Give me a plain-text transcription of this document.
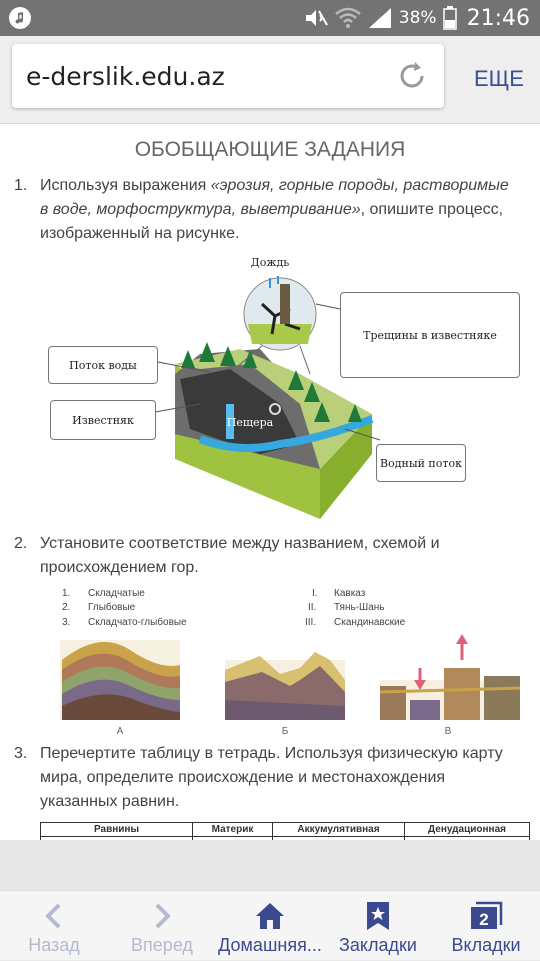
38% 21:46
e-derslik.edu.az	ЕЩЕ
ОБОБЩАЮЩИЕ ЗАДАНИЯ
1. Используя выражения «эрозия, горные породы, растворимые в воде, морфоструктура, выветривание», опишите процесс, изображенный на рисунке.
Дождь
Пещера
Трещины в известняке
Поток воды
Известняк
Водный поток
2. Установите соответствие между названием, схемой и происхождением гор.
1. Складчатые
2. Глыбовые
3. Складчато-глыбовые
I. Кавказ
II. Тянь-Шань
III. Скандинавские
А	Б	В
3. Перечертите таблицу в тетрадь. Используя физическую карту мира, определите происхождение и местонахождения указанных равнин.
Равнины	Материк	Аккумулятивная	Денудационная

Назад	Вперед	Домашняя... Закладки
2
Вкладки
